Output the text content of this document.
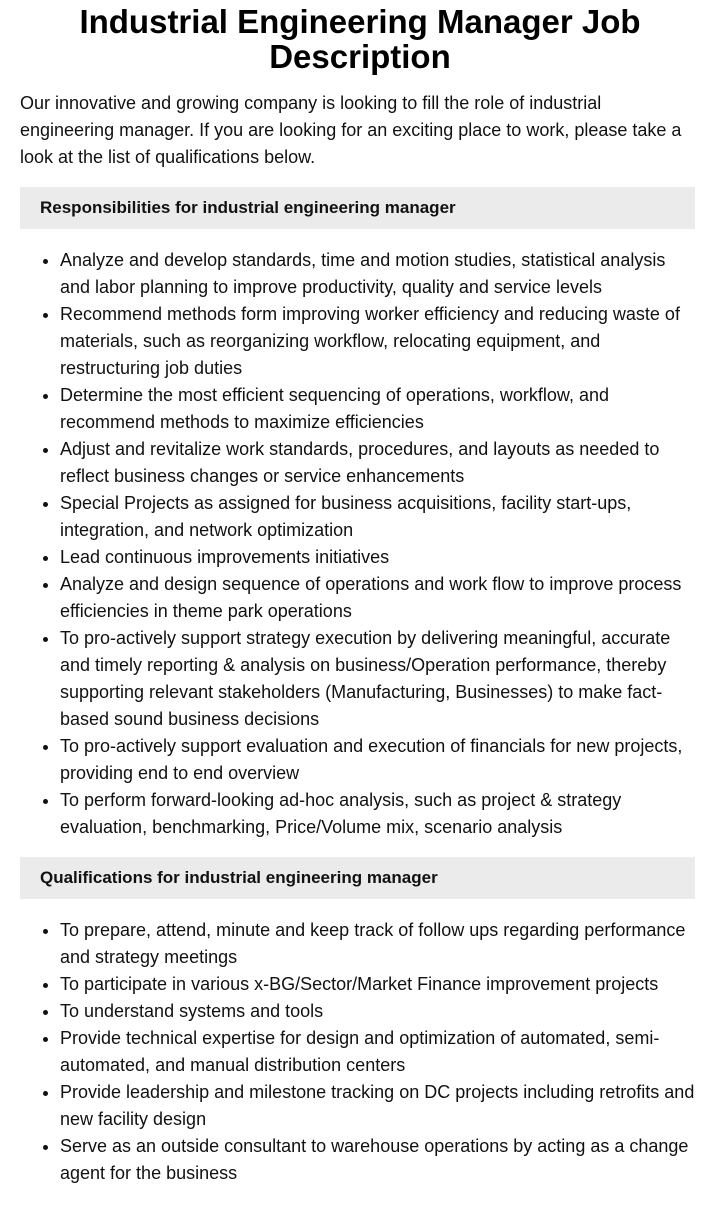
Industrial Engineering Manager Job Description

Our innovative and growing company is looking to fill the role of industrial engineering manager. If you are looking for an exciting place to work, please take a look at the list of qualifications below.

Responsibilities for industrial engineering manager
• Analyze and develop standards, time and motion studies, statistical analysis and labor planning to improve productivity, quality and service levels
• Recommend methods form improving worker efficiency and reducing waste of materials, such as reorganizing workflow, relocating equipment, and restructuring job duties
• Determine the most efficient sequencing of operations, workflow, and recommend methods to maximize efficiencies
• Adjust and revitalize work standards, procedures, and layouts as needed to reflect business changes or service enhancements
• Special Projects as assigned for business acquisitions, facility start-ups, integration, and network optimization
• Lead continuous improvements initiatives
• Analyze and design sequence of operations and work flow to improve process efficiencies in theme park operations
• To pro-actively support strategy execution by delivering meaningful, accurate and timely reporting & analysis on business/Operation performance, thereby supporting relevant stakeholders (Manufacturing, Businesses) to make fact-based sound business decisions
• To pro-actively support evaluation and execution of financials for new projects, providing end to end overview
• To perform forward-looking ad-hoc analysis, such as project & strategy evaluation, benchmarking, Price/Volume mix, scenario analysis
Qualifications for industrial engineering manager
• To prepare, attend, minute and keep track of follow ups regarding performance and strategy meetings
• To participate in various x-BG/Sector/Market Finance improvement projects
• To understand systems and tools
• Provide technical expertise for design and optimization of automated, semi-automated, and manual distribution centers
• Provide leadership and milestone tracking on DC projects including retrofits and new facility design
• Serve as an outside consultant to warehouse operations by acting as a change agent for the business
